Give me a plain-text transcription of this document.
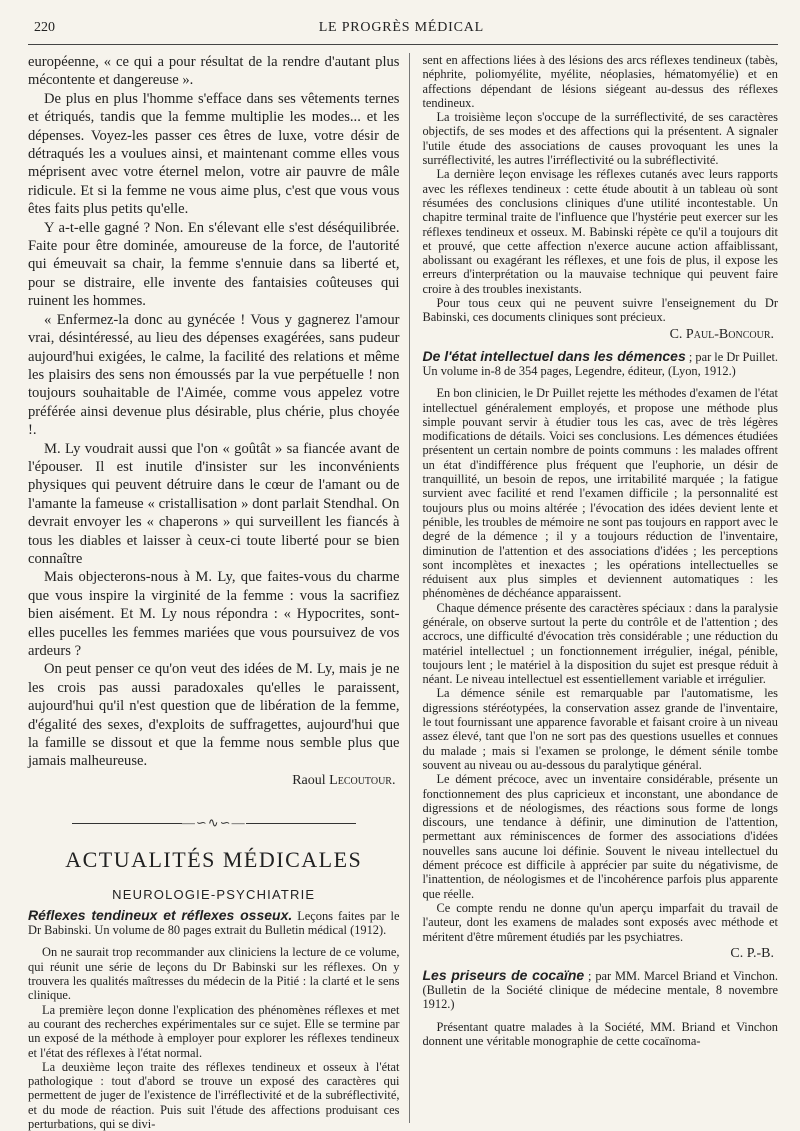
220	LE PROGRÈS MÉDICAL

européenne, « ce qui a pour résultat de la rendre d'autant plus mécontente et dangereuse ».

De plus en plus l'homme s'efface dans ses vêtements ternes et étriqués, tandis que la femme multiplie les modes... et les dépenses. Voyez-les passer ces êtres de luxe, votre désir de détraqués les a voulues ainsi, et maintenant comme elles vous méprisent avec votre éternel melon, votre air pauvre de mâle ridicule. Et si la femme ne vous aime plus, c'est que vous vous êtes faits plus petits qu'elle.

Y a-t-elle gagné ? Non. En s'élevant elle s'est déséquilibrée. Faite pour être dominée, amoureuse de la force, de l'autorité qui émeuvait sa chair, la femme s'ennuie dans sa liberté et, pour se distraire, elle invente des fantaisies coûteuses qui ruinent les hommes.

« Enfermez-la donc au gynécée ! Vous y gagnerez l'amour vrai, désintéressé, au lieu des dépenses exagérées, sans pudeur aujourd'hui exigées, le calme, la facilité des relations et même les plaisirs des sens non émoussés par la vue perpétuelle ! non toujours souhaitable de l'Aimée, comme vous appelez votre préférée ainsi devenue plus désirable, plus chérie, plus choyée !.

M. Ly voudrait aussi que l'on « goûtât » sa fiancée avant de l'épouser. Il est inutile d'insister sur les inconvénients physiques qui peuvent détruire dans le cœur de l'amant ou de l'amante la fameuse « cristallisation » dont parlait Stendhal. On devrait envoyer les « chaperons » qui surveillent les fiancés à tous les diables et laisser à ceux-ci toute liberté pour se bien connaître

Mais objecterons-nous à M. Ly, que faites-vous du charme que vous inspire la virginité de la femme : vous la sacrifiez bien aisément. Et M. Ly nous répondra : « Hypocrites, sont-elles pucelles les femmes mariées que vous poursuivez de vos ardeurs ?

On peut penser ce qu'on veut des idées de M. Ly, mais je ne les crois pas aussi paradoxales qu'elles le paraissent, aujourd'hui qu'il n'est question que de libération de la femme, d'égalité des sexes, d'exploits de suffragettes, aujourd'hui que la famille se dissout et que la femme nous semble plus que jamais malheureuse.

Raoul Lecoutour.

—∽∿∽—
ACTUALITÉS MÉDICALES
NEUROLOGIE-PSYCHIATRIE

Réflexes tendineux et réflexes osseux. Leçons faites par le Dr Babinski. Un volume de 80 pages extrait du Bulletin médical (1912).

On ne saurait trop recommander aux cliniciens la lecture de ce volume, qui réunit une série de leçons du Dr Babinski sur les réflexes. On y trouvera les qualités maîtresses du médecin de la Pitié : la clarté et le sens clinique.

La première leçon donne l'explication des phénomènes réflexes et met au courant des recherches expérimentales sur ce sujet. Elle se termine par un exposé de la méthode à employer pour explorer les réflexes tendineux et l'état des réflexes à l'état normal.

La deuxième leçon traite des réflexes tendineux et osseux à l'état pathologique : tout d'abord se trouve un exposé des caractères qui permettent de juger de l'existence de l'irréflectivité et de la subréflectivité, et du mode de réaction. Puis suit l'étude des affections produisant ces perturbations, qui se divi-

sent en affections liées à des lésions des arcs réflexes tendineux (tabès, néphrite, poliomyélite, myélite, néoplasies, hématomyélie) et en affections dépendant de lésions siégeant au-dessus des réflexes tendineux.

La troisième leçon s'occupe de la surréflectivité, de ses caractères objectifs, de ses modes et des affections qui la présentent. A signaler l'utile étude des associations de causes provoquant les unes la surréflectivité, les autres l'irréflectivité ou la subréflectivité.

La dernière leçon envisage les réflexes cutanés avec leurs rapports avec les réflexes tendineux : cette étude aboutit à un tableau où sont résumées des conclusions cliniques d'une utilité incontestable. Un chapitre terminal traite de l'influence que l'hystérie peut exercer sur les réflexes tendineux et osseux. M. Babinski répète ce qu'il a toujours dit et prouvé, que cette affection n'exerce aucune action affaiblissant, abolissant ou exagérant les réflexes, et une fois de plus, il expose les erreurs d'interprétation ou la mauvaise technique qui peuvent faire croire à des troubles inexistants.

Pour tous ceux qui ne peuvent suivre l'enseignement du Dr Babinski, ces documents cliniques sont précieux.

C. Paul-Boncour.

De l'état intellectuel dans les démences ; par le Dr Puillet. Un volume in-8 de 354 pages, Legendre, éditeur, (Lyon, 1912.)

En bon clinicien, le Dr Puillet rejette les méthodes d'examen de l'état intellectuel généralement employés, et propose une méthode plus simple pouvant servir à étudier tous les cas, avec de très légères modifications de détails. Voici ses conclusions. Les démences étudiées présentent un certain nombre de points communs : les malades offrent un état d'indifférence plus fréquent que l'euphorie, un désir de tranquillité, un besoin de repos, une irritabilité marquée ; la fatigue survient avec facilité et rend l'examen difficile ; la personnalité est toujours plus ou moins altérée ; l'évocation des idées devient lente et pénible, les troubles de mémoire ne sont pas toujours en rapport avec le degré de la démence ; il y a toujours réduction de l'inventaire, diminution de l'attention et des associations d'idées ; les perceptions sont incomplètes et inexactes ; les opérations intellectuelles se réduisent aux plus simples et deviennent automatiques : les phénomènes de déchéance apparaissent.

Chaque démence présente des caractères spéciaux : dans la paralysie générale, on observe surtout la perte du contrôle et de l'attention ; des accrocs, une difficulté d'évocation très considérable ; une réduction du matériel intellectuel ; un fonctionnement irrégulier, inégal, pénible, toujours lent ; le matériel à la disposition du sujet est presque réduit à néant. Le niveau intellectuel est essentiellement variable et irrégulier.

La démence sénile est remarquable par l'automatisme, les digressions stéréotypées, la conservation assez grande de l'inventaire, le tout fournissant une apparence favorable et faisant croire à un niveau assez élevé, tant que l'on ne sort pas des questions usuelles et connues du malade ; mais si l'examen se prolonge, le dément sénile tombe souvent au niveau ou au-dessous du paralytique général.

Le dément précoce, avec un inventaire considérable, présente un fonctionnement des plus capricieux et inconstant, une abondance de digressions et de néologismes, des réactions sous forme de longs discours, une tendance à définir, une diminution de l'attention, permettant aux réminiscences de former des associations d'idées nouvelles sans aucune loi définie. Souvent le niveau intellectuel du dément précoce est difficile à apprécier par suite du négativisme, de l'inattention, de néologismes et de l'incohérence parfois plus apparente que réelle.

Ce compte rendu ne donne qu'un aperçu imparfait du travail de l'auteur, dont les examens de malades sont exposés avec méthode et méritent d'être mûrement étudiés par les psychiatres.

C. P.-B.

Les priseurs de cocaïne ; par MM. Marcel Briand et Vinchon. (Bulletin de la Société clinique de médecine mentale, 8 novembre 1912.)

Présentant quatre malades à la Société, MM. Briand et Vinchon donnent une véritable monographie de cette cocaïnoma-
